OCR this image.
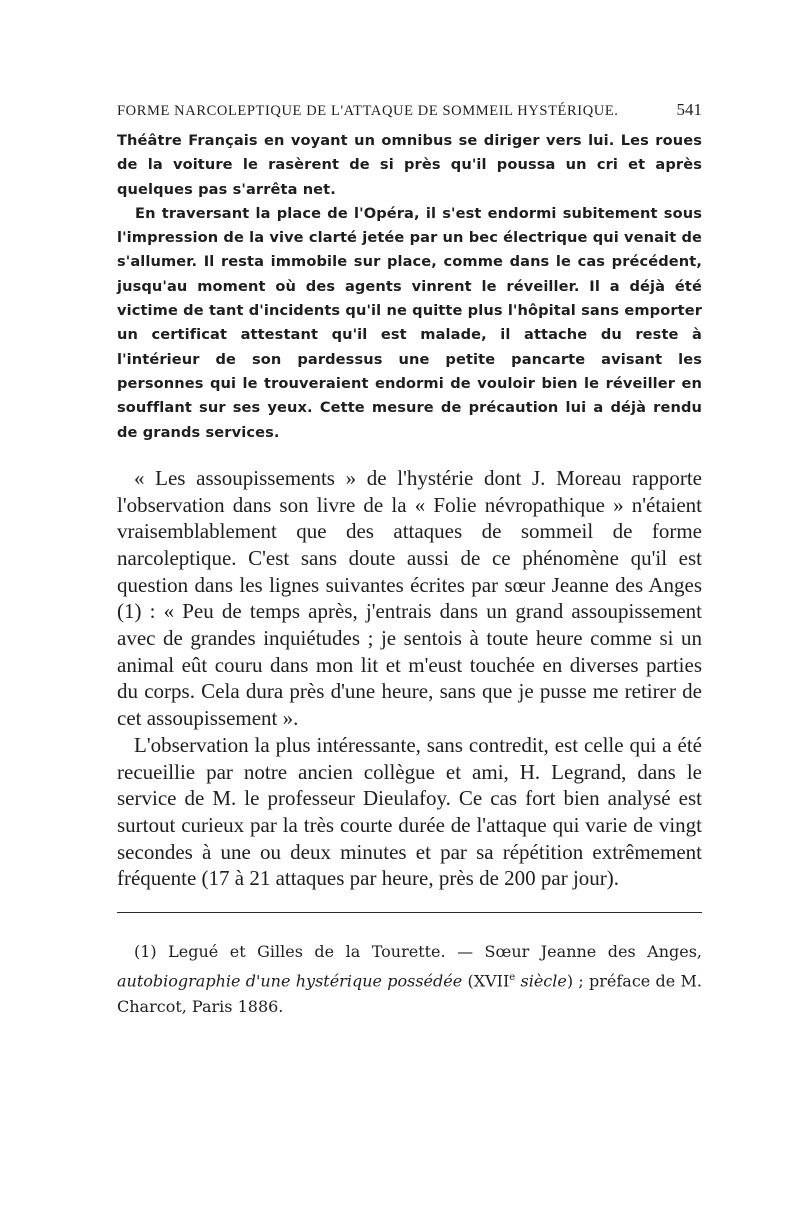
FORME NARCOLEPTIQUE DE L'ATTAQUE DE SOMMEIL HYSTÉRIQUE.	541

Théâtre Français en voyant un omnibus se diriger vers lui. Les roues de la voiture le rasèrent de si près qu'il poussa un cri et après quelques pas s'arrêta net.

En traversant la place de l'Opéra, il s'est endormi subitement sous l'impression de la vive clarté jetée par un bec électrique qui venait de s'allumer. Il resta immobile sur place, comme dans le cas précédent, jusqu'au moment où des agents vinrent le réveiller. Il a déjà été victime de tant d'incidents qu'il ne quitte plus l'hôpital sans emporter un certificat attestant qu'il est malade, il attache du reste à l'intérieur de son pardessus une petite pancarte avisant les personnes qui le trouveraient endormi de vouloir bien le réveiller en soufflant sur ses yeux. Cette mesure de précaution lui a déjà rendu de grands services.

« Les assoupissements » de l'hystérie dont J. Moreau rapporte l'observation dans son livre de la « Folie névropathique » n'étaient vraisemblablement que des attaques de sommeil de forme narcoleptique. C'est sans doute aussi de ce phénomène qu'il est question dans les lignes suivantes écrites par sœur Jeanne des Anges (1) : « Peu de temps après, j'entrais dans un grand assoupissement avec de grandes inquiétudes ; je sentois à toute heure comme si un animal eût couru dans mon lit et m'eust touchée en diverses parties du corps. Cela dura près d'une heure, sans que je pusse me retirer de cet assoupissement ».

L'observation la plus intéressante, sans contredit, est celle qui a été recueillie par notre ancien collègue et ami, H. Legrand, dans le service de M. le professeur Dieulafoy. Ce cas fort bien analysé est surtout curieux par la très courte durée de l'attaque qui varie de vingt secondes à une ou deux minutes et par sa répétition extrêmement fréquente (17 à 21 attaques par heure, près de 200 par jour).

(1) Legué et Gilles de la Tourette. — Sœur Jeanne des Anges, autobiographie d'une hystérique possédée (XVIIe siècle) ; préface de M. Charcot, Paris 1886.
